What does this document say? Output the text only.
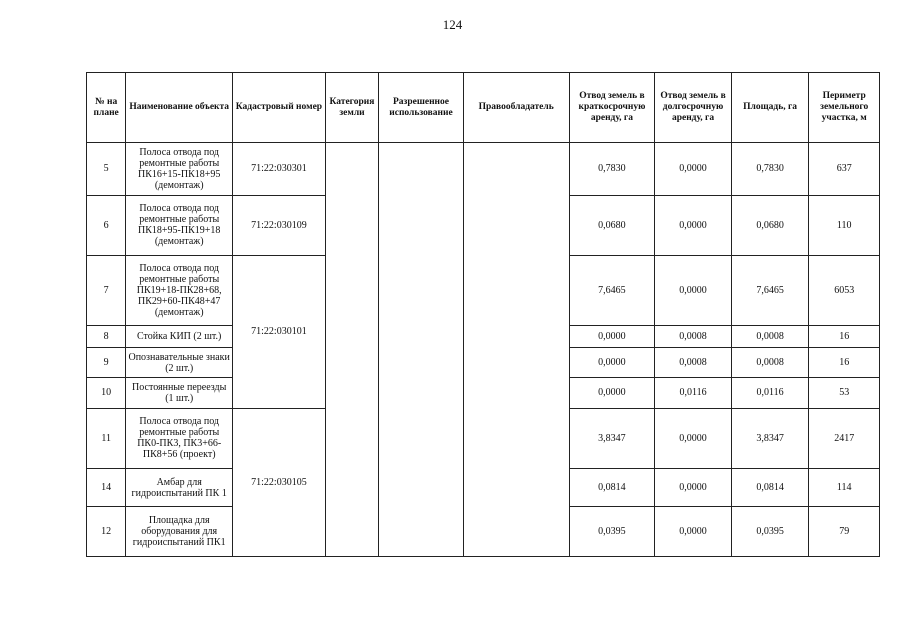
124
№ на плане	Наименование объекта	Кадастровый номер	Категория земли	Разрешенное использование	Правообладатель	Отвод земель в краткосрочную аренду, га	Отвод земель в долгосрочную аренду, га	Площадь, га	Периметр земельного участка, м
5	Полоса отвода под ремонтные работы ПК16+15-ПК18+95 (демонтаж)	71:22:030301				0,7830	0,0000	0,7830	637
6	Полоса отвода под ремонтные работы ПК18+95-ПК19+18 (демонтаж)	71:22:030109				0,0680	0,0000	0,0680	110
7	Полоса отвода под ремонтные работы ПК19+18-ПК28+68, ПК29+60-ПК48+47 (демонтаж)	71:22:030101				7,6465	0,0000	7,6465	6053
8	Стойка КИП (2 шт.)					0,0000	0,0008	0,0008	16
9	Опознавательные знаки (2 шт.)					0,0000	0,0008	0,0008	16
10	Постоянные переезды (1 шт.)					0,0000	0,0116	0,0116	53
11	Полоса отвода под ремонтные работы ПК0-ПК3, ПК3+66-ПК8+56 (проект)	71:22:030105				3,8347	0,0000	3,8347	2417
14	Амбар для гидроиспытаний ПК 1					0,0814	0,0000	0,0814	114
12	Площадка для оборудования для гидроиспытаний ПК1					0,0395	0,0000	0,0395	79
